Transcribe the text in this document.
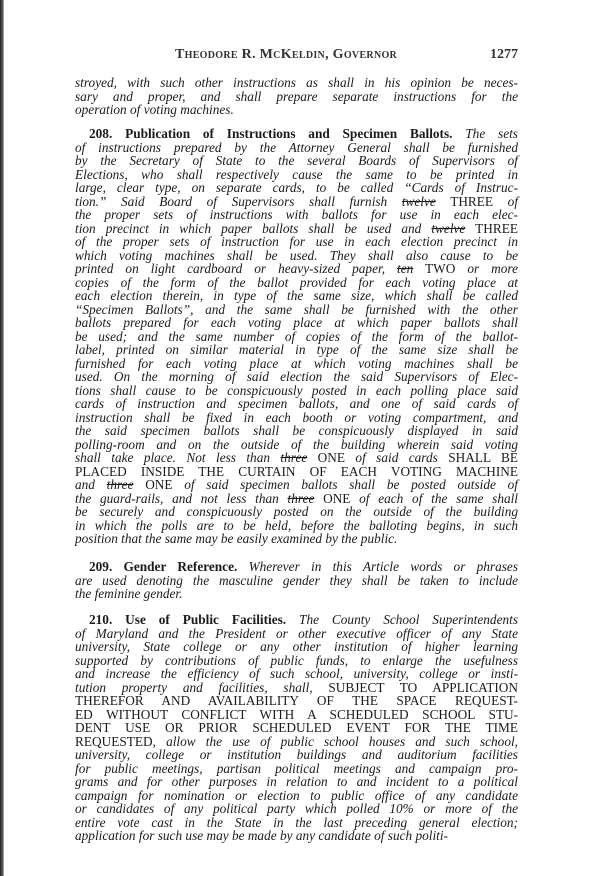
Theodore R. McKeldin, Governor	1277
stroyed, with such other instructions as shall in his opinion be neces-
sary and proper, and shall prepare separate instructions for the
operation of voting machines.
208. Publication of Instructions and Specimen Ballots. The sets
of instructions prepared by the Attorney General shall be furnished
by the Secretary of State to the several Boards of Supervisors of
Elections, who shall respectively cause the same to be printed in
large, clear type, on separate cards, to be called “Cards of Instruc-
tion.” Said Board of Supervisors shall furnish twelve THREE of
the proper sets of instructions with ballots for use in each elec-
tion precinct in which paper ballots shall be used and twelve THREE
of the proper sets of instruction for use in each election precinct in
which voting machines shall be used. They shall also cause to be
printed on light cardboard or heavy-sized paper, ten TWO or more
copies of the form of the ballot provided for each voting place at
each election therein, in type of the same size, which shall be called
“Specimen Ballots”, and the same shall be furnished with the other
ballots prepared for each voting place at which paper ballots shall
be used; and the same number of copies of the form of the ballot-
label, printed on similar material in type of the same size shall be
furnished for each voting place at which voting machines shall be
used. On the morning of said election the said Supervisors of Elec-
tions shall cause to be conspicuously posted in each polling place said
cards of instruction and specimen ballots, and one of said cards of
instruction shall be fixed in each booth or voting compartment, and
the said specimen ballots shall be conspicuously displayed in said
polling-room and on the outside of the building wherein said voting
shall take place. Not less than three ONE of said cards SHALL BE
PLACED INSIDE THE CURTAIN OF EACH VOTING MACHINE
and three ONE of said specimen ballots shall be posted outside of
the guard-rails, and not less than three ONE of each of the same shall
be securely and conspicuously posted on the outside of the building
in which the polls are to be held, before the balloting begins, in such
position that the same may be easily examined by the public.
209. Gender Reference. Wherever in this Article words or phrases
are used denoting the masculine gender they shall be taken to include
the feminine gender.
210. Use of Public Facilities. The County School Superintendents
of Maryland and the President or other executive officer of any State
university, State college or any other institution of higher learning
supported by contributions of public funds, to enlarge the usefulness
and increase the efficiency of such school, university, college or insti-
tution property and facilities, shall, SUBJECT TO APPLICATION
THEREFOR AND AVAILABILITY OF THE SPACE REQUEST-
ED WITHOUT CONFLICT WITH A SCHEDULED SCHOOL STU-
DENT USE OR PRIOR SCHEDULED EVENT FOR THE TIME
REQUESTED, allow the use of public school houses and such school,
university, college or institution buildings and auditorium facilities
for public meetings, partisan political meetings and campaign pro-
grams and for other purposes in relation to and incident to a political
campaign for nomination or election to public office of any candidate
or candidates of any political party which polled 10% or more of the
entire vote cast in the State in the last preceding general election;
application for such use may be made by any candidate of such politi-
